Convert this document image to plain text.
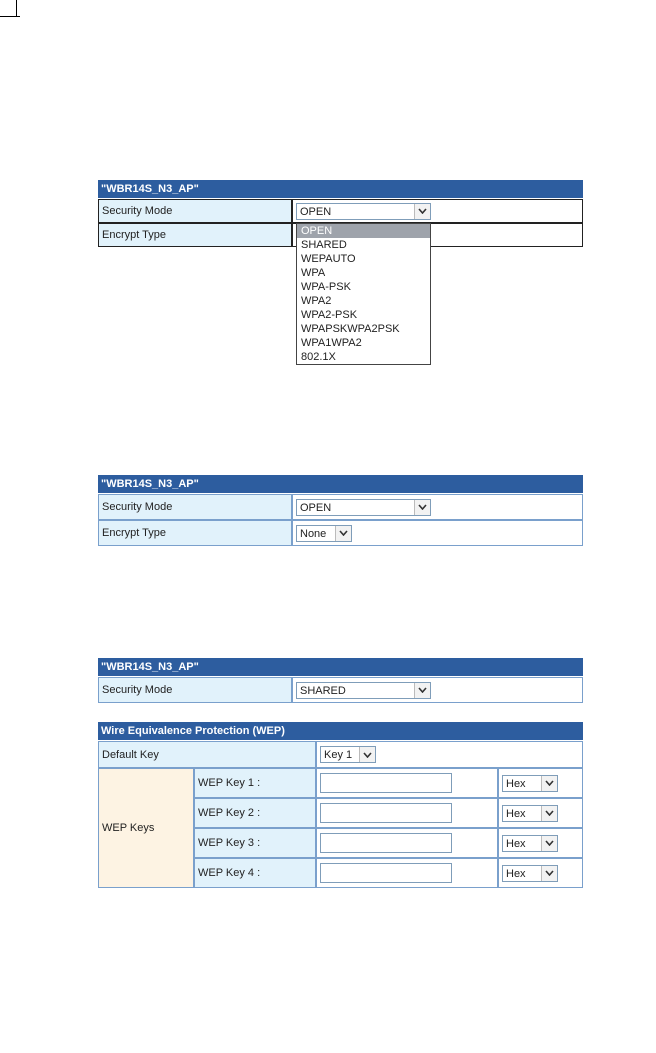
"WBR14S_N3_AP"	
Security Mode	OPEN

Encrypt Type		OPEN
SHARED
WEPAUTO
WPA
WPA-PSK
WPA2
WPA2-PSK
WPAPSKWPA2PSK
WPA1WPA2
802.1X
"WBR14S_N3_AP"	
Security Mode	OPEN

Encrypt Type	None
"WBR14S_N3_AP"
Security Mode	SHARED
Wire Equivalence Protection (WEP)			
Default Key		Key 1	

WEP Keys	WEP Key 1 :		Hex

	WEP Key 2 :		Hex

	WEP Key 3 :		Hex

	WEP Key 4 :		Hex
